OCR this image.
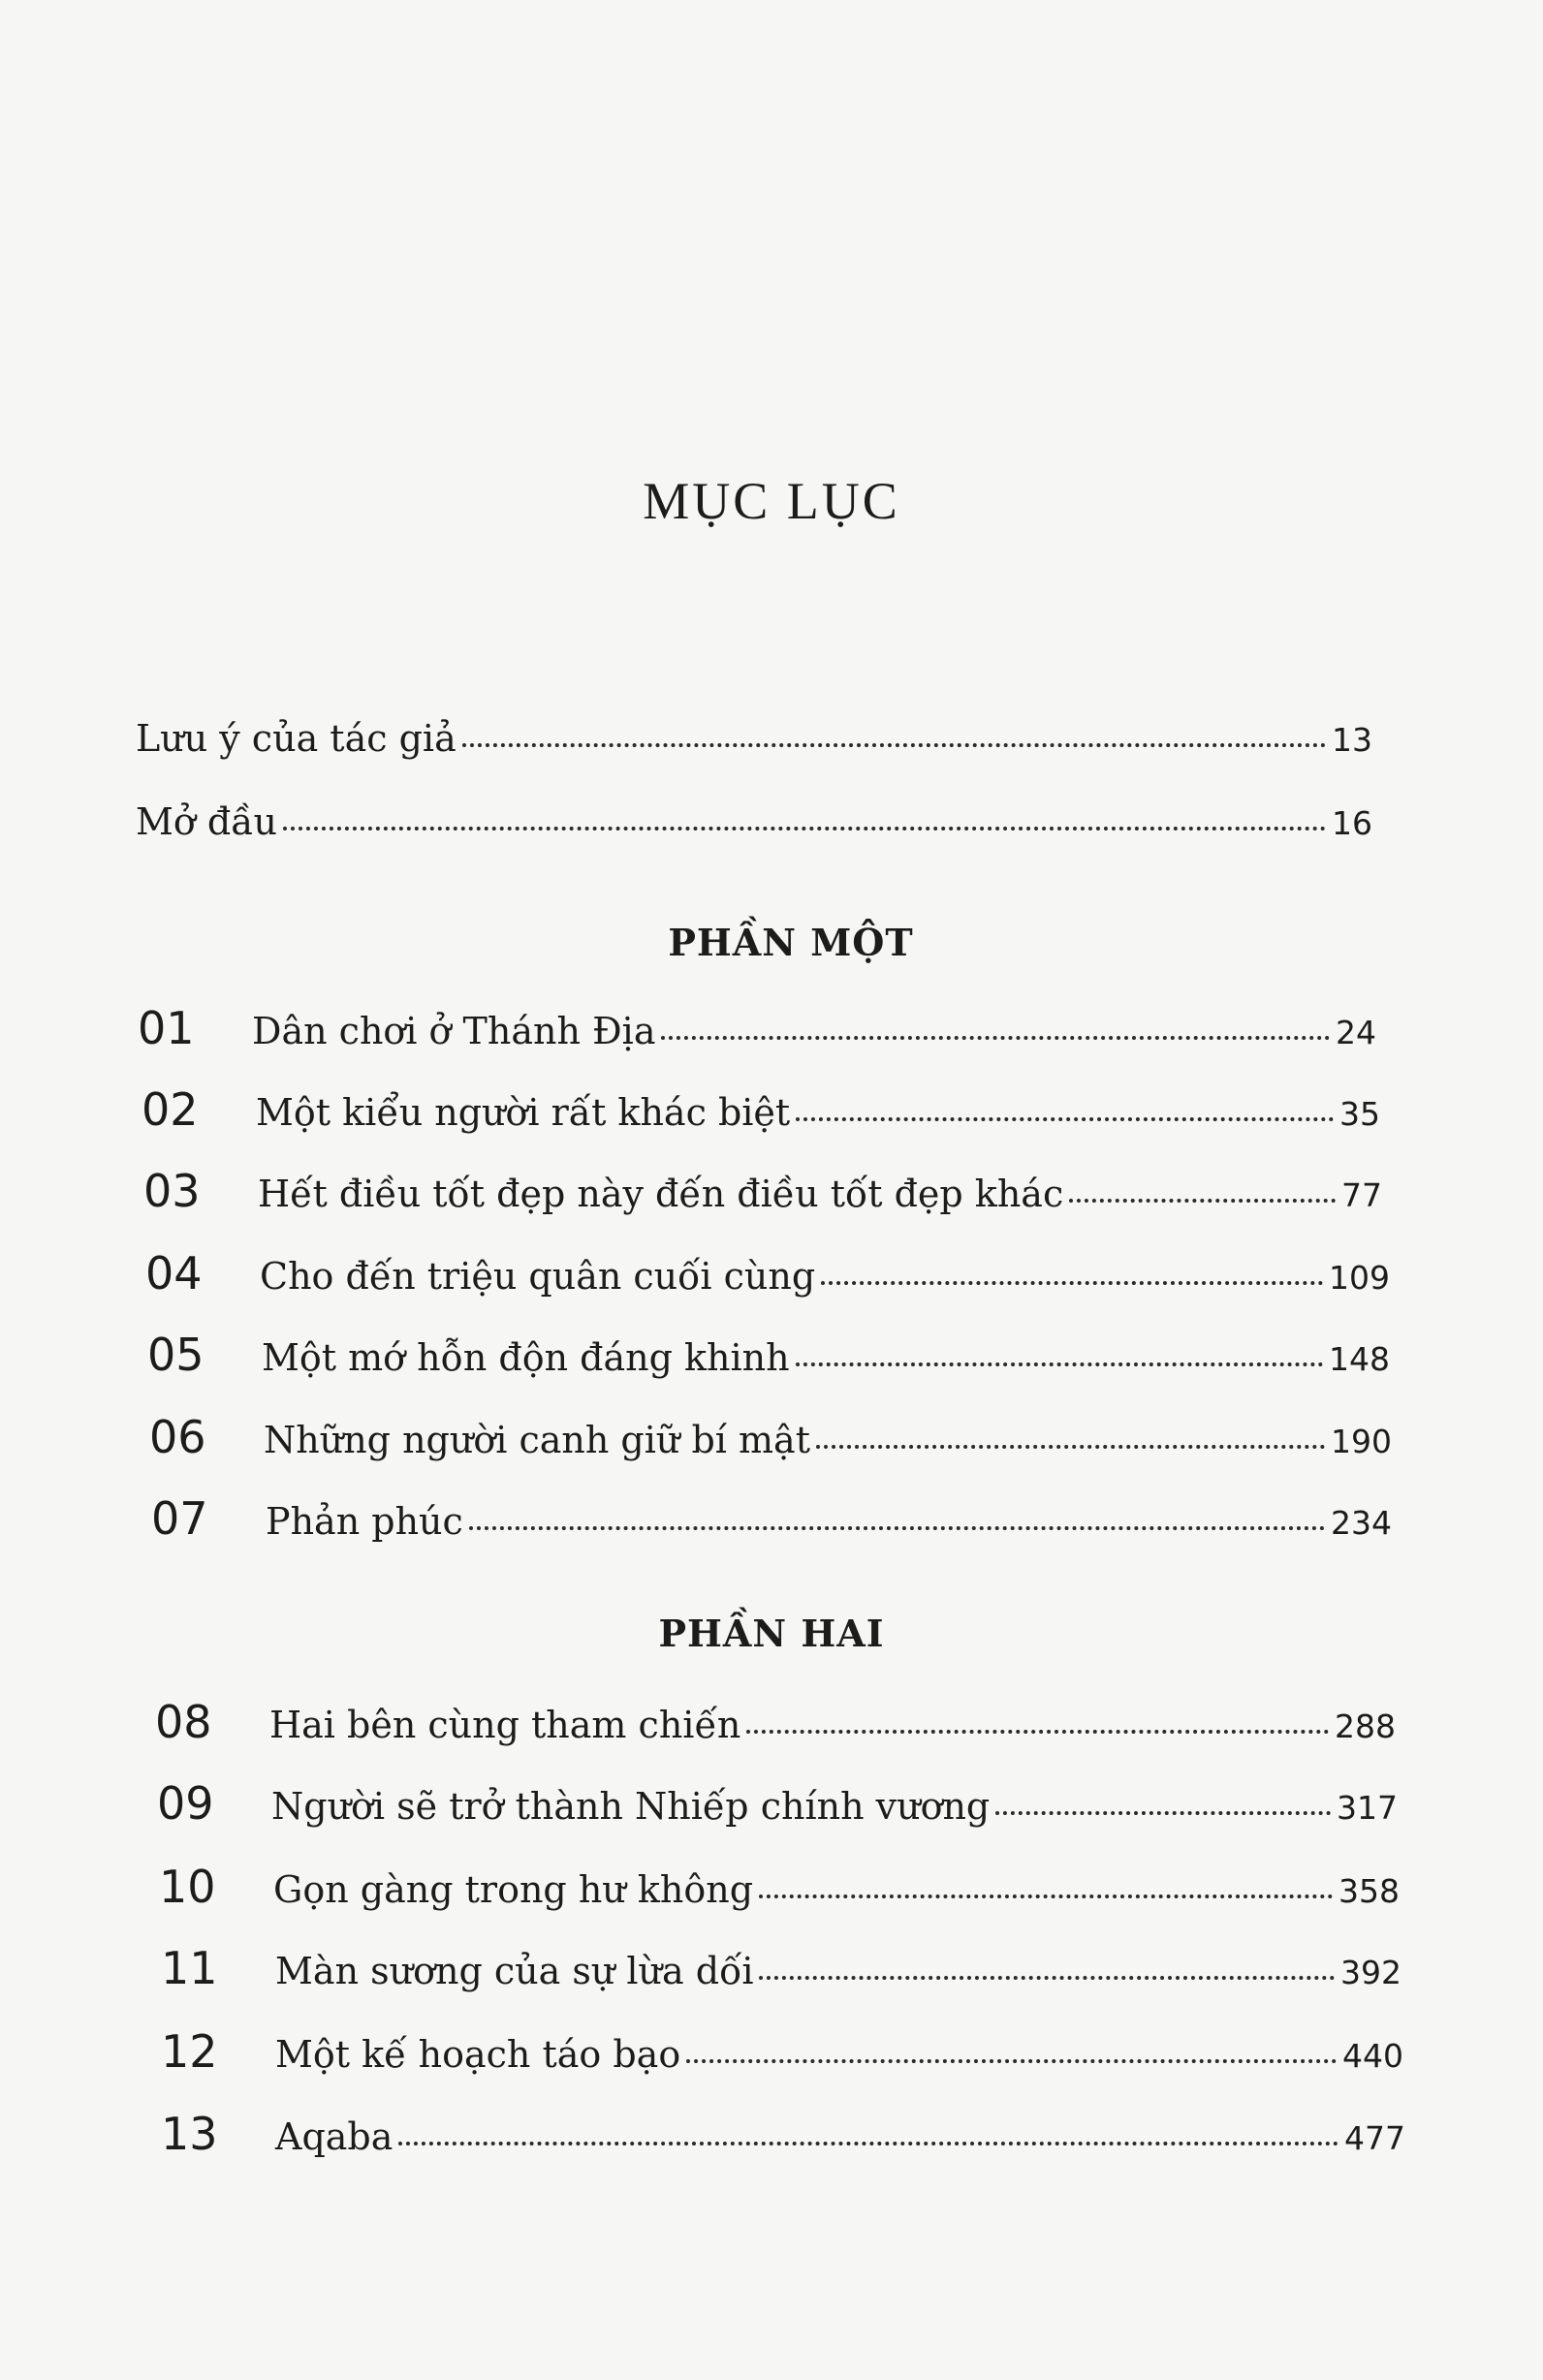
MỤC LỤC
Lưu ý của tác giả	13
Mở đầu	16
PHẦN MỘT
01	Dân chơi ở Thánh Địa	24
02	Một kiểu người rất khác biệt	35
03	Hết điều tốt đẹp này đến điều tốt đẹp khác	77
04	Cho đến triệu quân cuối cùng	109
05	Một mớ hỗn độn đáng khinh	148
06	Những người canh giữ bí mật	190
07	Phản phúc	234
PHẦN HAI
08	Hai bên cùng tham chiến	288
09	Người sẽ trở thành Nhiếp chính vương	317
10	Gọn gàng trong hư không	358
11	Màn sương của sự lừa dối	392
12	Một kế hoạch táo bạo	440
13	Aqaba	477
